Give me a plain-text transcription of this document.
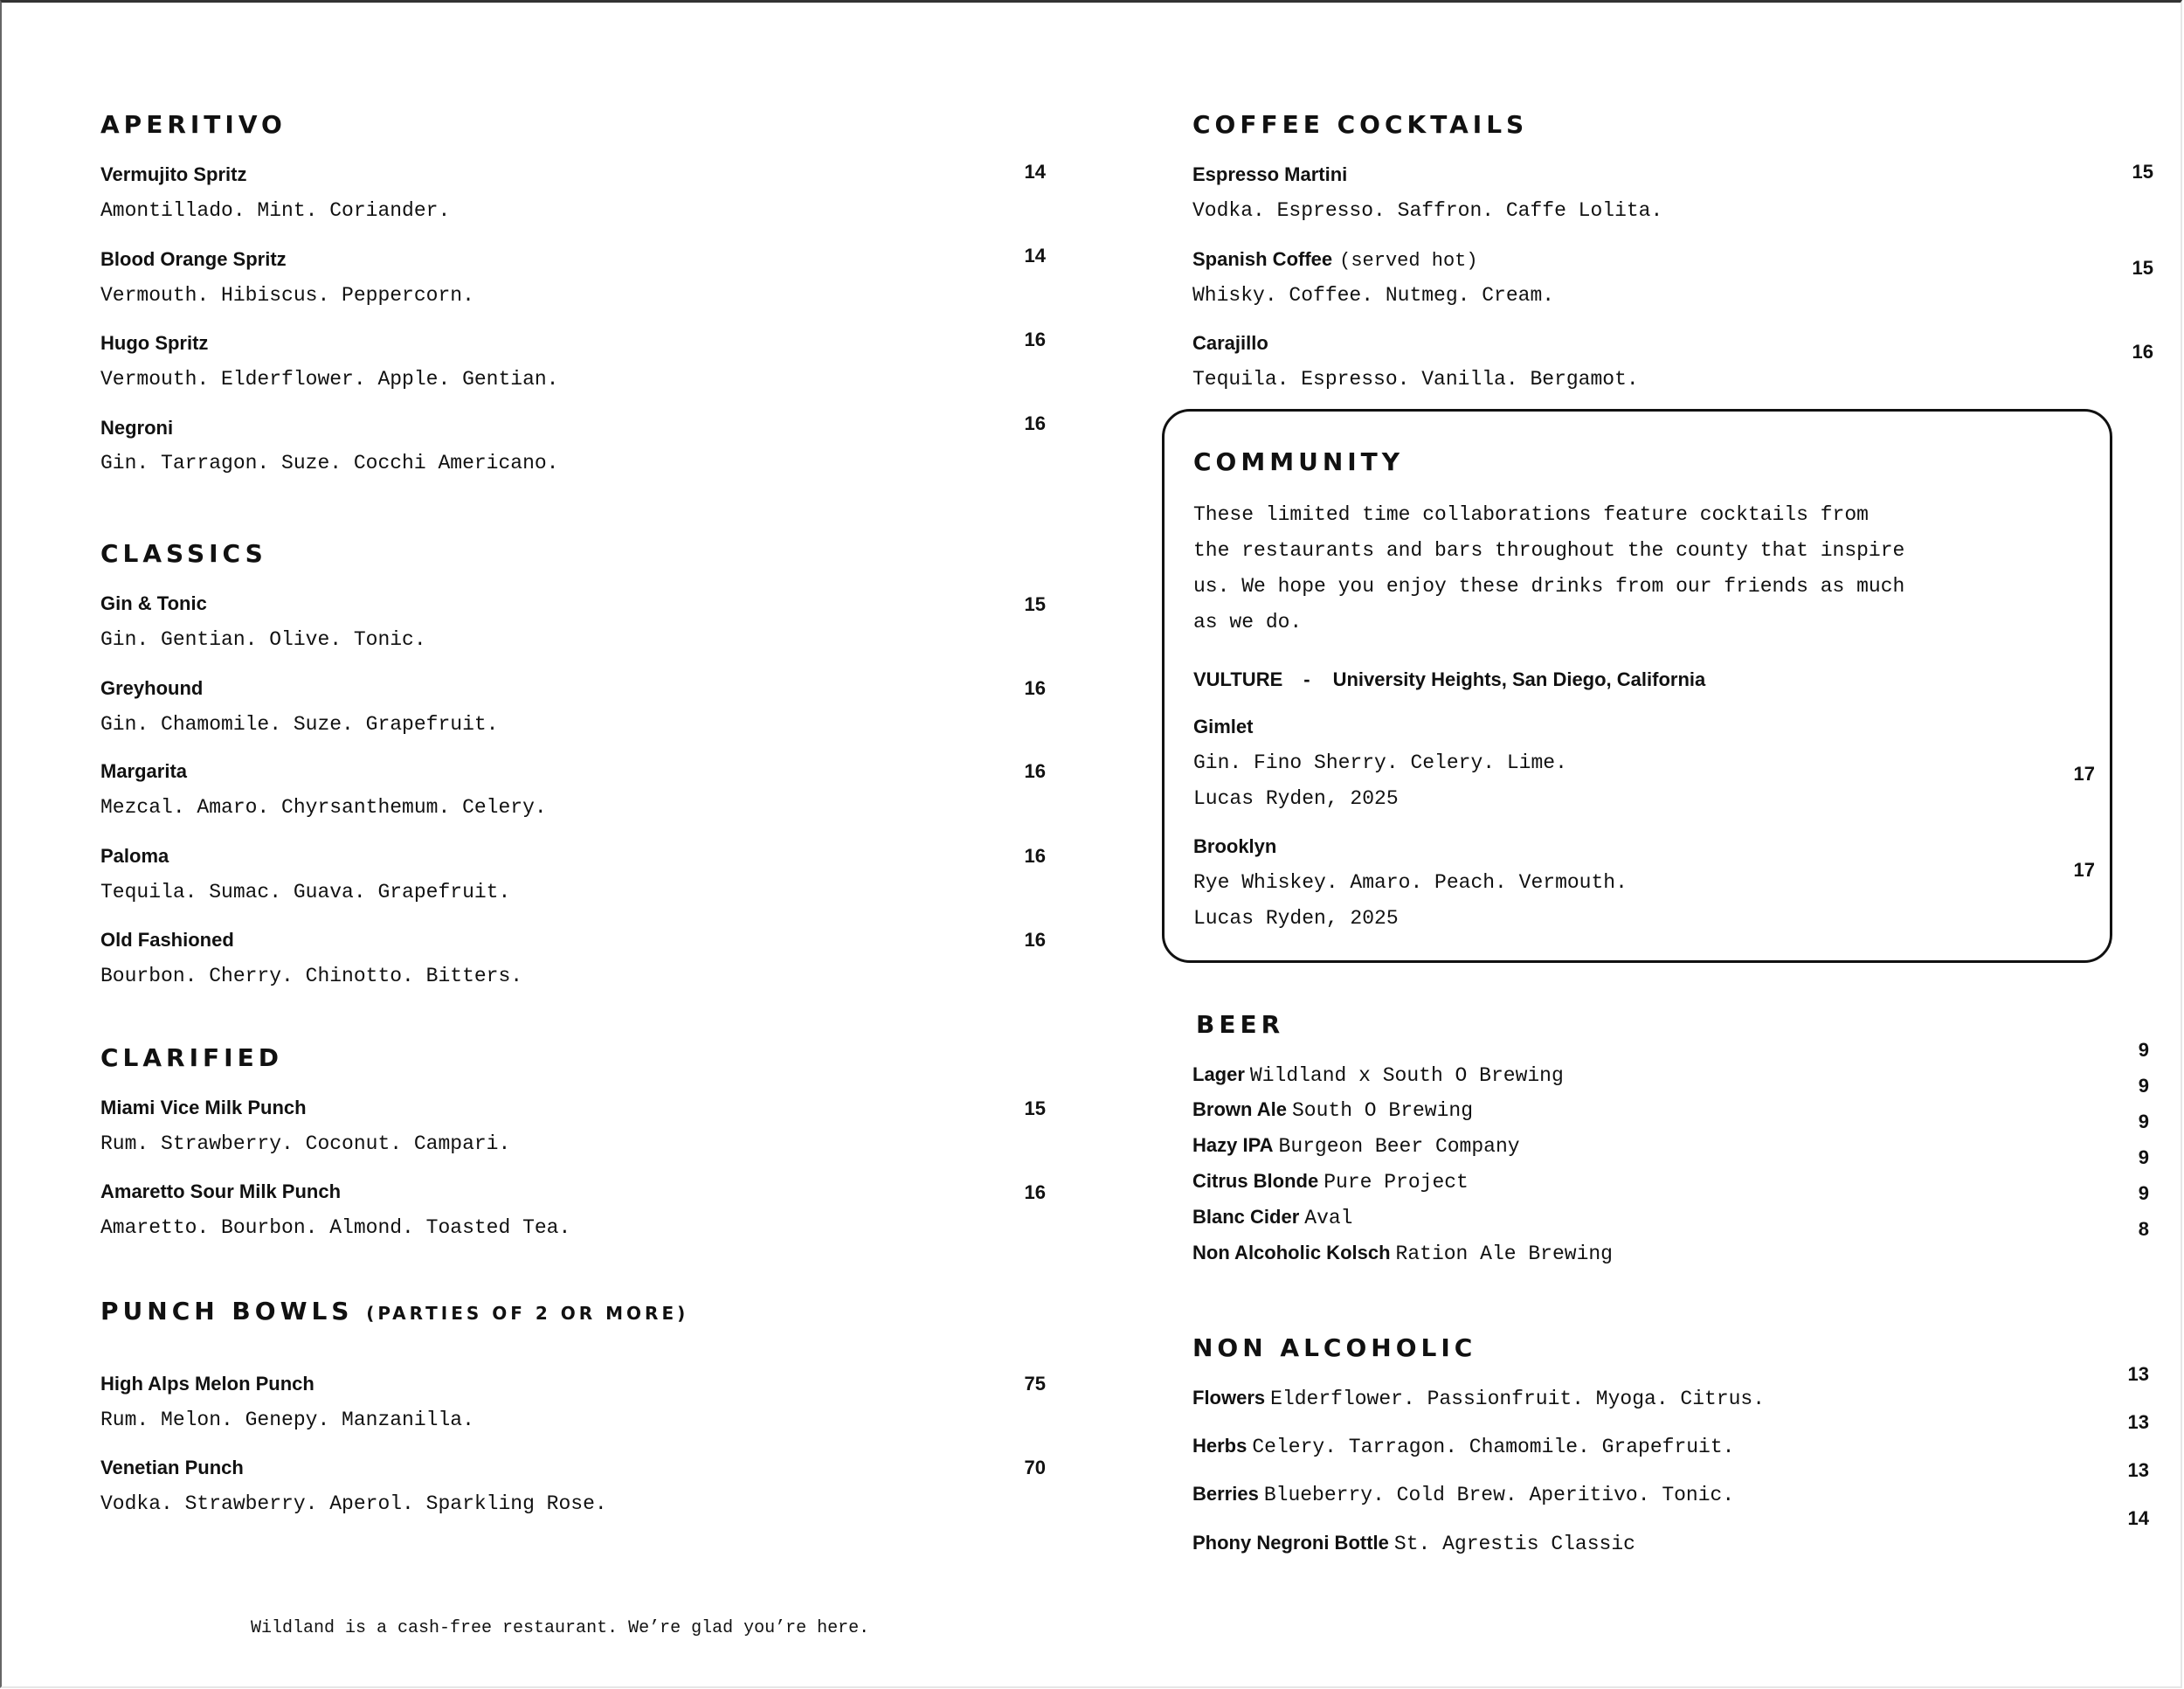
APERITIVO
Vermujito Spritz
Amontillado. Mint. Coriander.
14
Blood Orange Spritz
Vermouth. Hibiscus. Peppercorn.
14
Hugo Spritz
Vermouth. Elderflower. Apple. Gentian.
16
Negroni
Gin. Tarragon. Suze. Cocchi Americano.
16
CLASSICS
Gin & Tonic
Gin. Gentian. Olive. Tonic.
15
Greyhound
Gin. Chamomile. Suze. Grapefruit.
16
Margarita
Mezcal. Amaro. Chyrsanthemum. Celery.
16
Paloma
Tequila. Sumac. Guava. Grapefruit.
16
Old Fashioned
Bourbon. Cherry. Chinotto. Bitters.
16
CLARIFIED
Miami Vice Milk Punch
Rum. Strawberry. Coconut. Campari.
15
Amaretto Sour Milk Punch
Amaretto. Bourbon. Almond. Toasted Tea.
16
PUNCH BOWLS (PARTIES OF 2 OR MORE)
High Alps Melon Punch
Rum. Melon. Genepy. Manzanilla.
75
Venetian Punch
Vodka. Strawberry. Aperol. Sparkling Rose.
70
Wildland is a cash-free restaurant. We’re glad you’re here.
COFFEE COCKTAILS
Espresso Martini
Vodka. Espresso. Saffron. Caffe Lolita.
15
Spanish Coffee (served hot)
Whisky. Coffee. Nutmeg. Cream.
15
Carajillo
Tequila. Espresso. Vanilla. Bergamot.
16
BEER
Lager Wildland x South O Brewing
9
Brown Ale South O Brewing
9
Hazy IPA Burgeon Beer Company
9
Citrus Blonde Pure Project
9
Blanc Cider Aval
9
Non Alcoholic Kolsch Ration Ale Brewing
8
NON ALCOHOLIC
Flowers Elderflower. Passionfruit. Myoga. Citrus.
13
Herbs Celery. Tarragon. Chamomile. Grapefruit.
13
Berries Blueberry. Cold Brew. Aperitivo. Tonic.
13
Phony Negroni Bottle St. Agrestis Classic
14
COMMUNITY
These limited time collaborations feature cocktails from the restaurants and bars throughout the county that inspire us. We hope you enjoy these drinks from our friends as much as we do.
VULTURE - University Heights, San Diego, California
Gimlet
Gin. Fino Sherry. Celery. Lime.
Lucas Ryden, 2025
17
Brooklyn
Rye Whiskey. Amaro. Peach. Vermouth.
Lucas Ryden, 2025
17
